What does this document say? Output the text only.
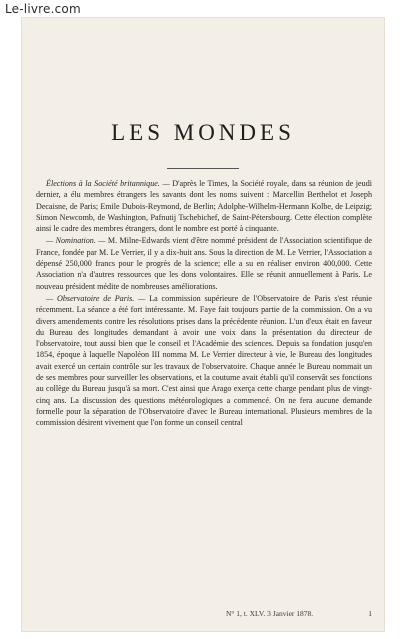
LES MONDES

Élections à la Société britannique. — D'après le Times, la Société royale, dans sa réunion de jeudi dernier, a élu membres étrangers les savants dont les noms suivent : Marcellin Berthelot et Joseph Decaisne, de Paris; Emile Dubois-Reymond, de Berlin; Adolphe-Wilhelm-Hermann Kolbe, de Leipzig; Simon Newcomb, de Washington, Pafnutij Tschebichef, de Saint-Pétersbourg. Cette élection complète ainsi le cadre des membres étrangers, dont le nombre est porté à cinquante.

— Nomination. — M. Milne-Edwards vient d'être nommé président de l'Association scientifique de France, fondée par M. Le Verrier, il y a dix-huit ans. Sous la direction de M. Le Verrier, l'Association a dépensé 250,000 francs pour le progrès de la science; elle a su en réaliser environ 400,000. Cette Association n'a d'autres ressources que les dons volontaires. Elle se réunit annuellement à Paris. Le nouveau président médite de nombreuses améliorations.

— Observatoire de Paris. — La commission supérieure de l'Observatoire de Paris s'est réunie récemment. La séance a été fort intéressante. M. Faye fait toujours partie de la commission. On a vu divers amendements contre les résolutions prises dans la précédente réunion. L'un d'eux était en faveur du Bureau des longitudes demandant à avoir une voix dans la présentation du directeur de l'observatoire, tout aussi bien que le conseil et l'Académie des sciences. Depuis sa fondation jusqu'en 1854, époque à laquelle Napoléon III nomma M. Le Verrier directeur à vie, le Bureau des longitudes avait exercé un certain contrôle sur les travaux de l'observatoire. Chaque année le Bureau nommait un de ses membres pour surveiller les observations, et la coutume avait établi qu'il conservât ses fonctions au collège du Bureau jusqu'à sa mort. C'est ainsi que Arago exerça cette charge pendant plus de vingt-cinq ans. La discussion des questions météorologiques a commencé. On ne fera aucune demande formelle pour la séparation de l'Observatoire d'avec le Bureau international. Plusieurs membres de la commission désirent vivement que l'on forme un conseil central

N° 1, t. XLV. 3 Janvier 1878.	1
Le-livre.com
